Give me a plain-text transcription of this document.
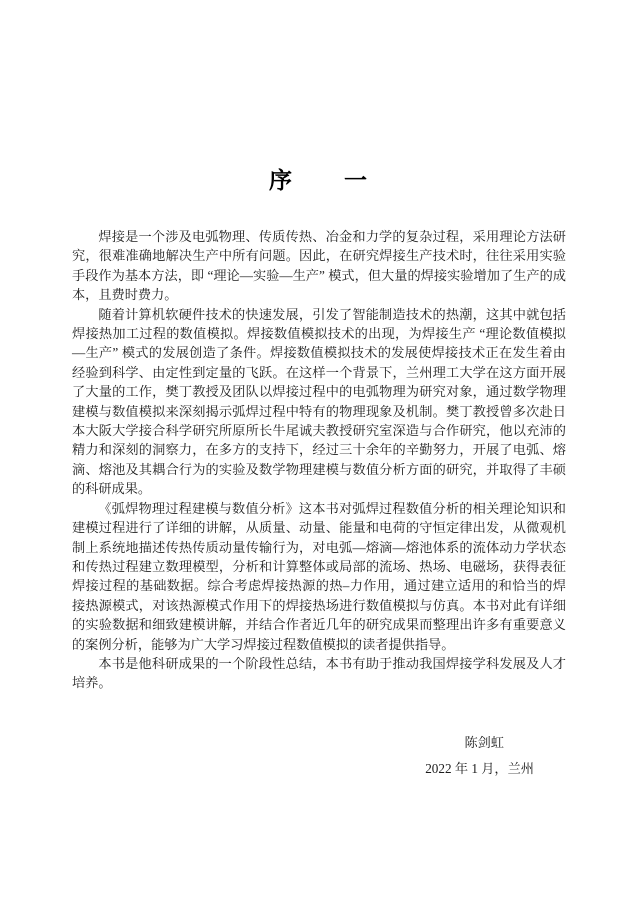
序　　一

焊接是一个涉及电弧物理、传质传热、冶金和力学的复杂过程，采用理论方法研究，很难准确地解决生产中所有问题。因此，在研究焊接生产技术时，往往采用实验手段作为基本方法，即 “理论—实验—生产” 模式，但大量的焊接实验增加了生产的成本，且费时费力。

随着计算机软硬件技术的快速发展，引发了智能制造技术的热潮，这其中就包括焊接热加工过程的数值模拟。焊接数值模拟技术的出现，为焊接生产 “理论数值模拟—生产” 模式的发展创造了条件。焊接数值模拟技术的发展使焊接技术正在发生着由经验到科学、由定性到定量的飞跃。在这样一个背景下，兰州理工大学在这方面开展了大量的工作，樊丁教授及团队以焊接过程中的电弧物理为研究对象，通过数学物理建模与数值模拟来深刻揭示弧焊过程中特有的物理现象及机制。樊丁教授曾多次赴日本大阪大学接合科学研究所原所长牛尾诚夫教授研究室深造与合作研究，他以充沛的精力和深刻的洞察力，在多方的支持下，经过三十余年的辛勤努力，开展了电弧、熔滴、熔池及其耦合行为的实验及数学物理建模与数值分析方面的研究，并取得了丰硕的科研成果。

《弧焊物理过程建模与数值分析》这本书对弧焊过程数值分析的相关理论知识和建模过程进行了详细的讲解，从质量、动量、能量和电荷的守恒定律出发，从微观机制上系统地描述传热传质动量传输行为，对电弧—熔滴—熔池体系的流体动力学状态和传热过程建立数理模型，分析和计算整体或局部的流场、热场、电磁场，获得表征焊接过程的基础数据。综合考虑焊接热源的热–力作用，通过建立适用的和恰当的焊接热源模式，对该热源模式作用下的焊接热场进行数值模拟与仿真。本书对此有详细的实验数据和细致建模讲解，并结合作者近几年的研究成果而整理出许多有重要意义的案例分析，能够为广大学习焊接过程数值模拟的读者提供指导。

本书是他科研成果的一个阶段性总结，本书有助于推动我国焊接学科发展及人才培养。

陈剑虹
2022 年 1 月，兰州
